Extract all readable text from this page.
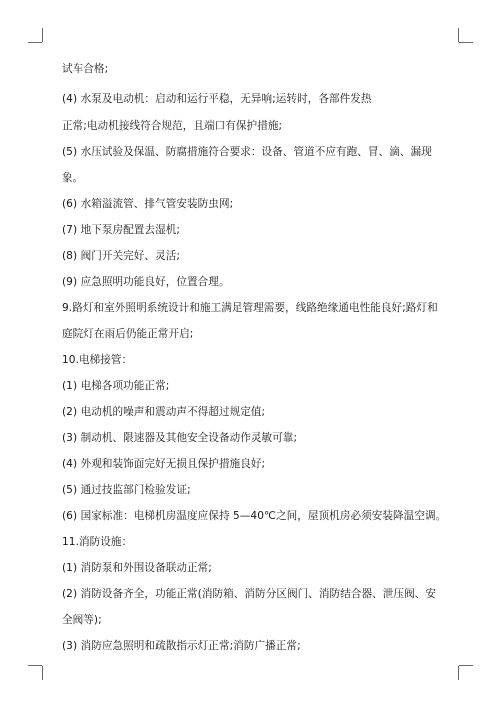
试车合格;
(4) 水泵及电动机：启动和运行平稳，无异响;运转时，各部件发热
正常;电动机接线符合规范，且端口有保护措施;
(5) 水压试验及保温、防腐措施符合要求：设备、管道不应有跑、冒、滴、漏现
象。
(6) 水箱溢流管、排气管安装防虫网;
(7) 地下泵房配置去湿机;
(8) 阀门开关完好、灵活;
(9) 应急照明功能良好，位置合理。
9.路灯和室外照明系统设计和施工满足管理需要，线路绝缘通电性能良好;路灯和
庭院灯在雨后仍能正常开启;
10.电梯接管：
(1) 电梯各项功能正常;
(2) 电动机的噪声和震动声不得超过规定值;
(3) 制动机、限速器及其他安全设备动作灵敏可靠;
(4) 外观和装饰面完好无损且保护措施良好;
(5) 通过技监部门检验发证;
(6) 国家标准：电梯机房温度应保持 5—40℃之间，屋顶机房必须安装降温空调。
11.消防设施：
(1) 消防泵和外围设备联动正常;
(2) 消防设备齐全，功能正常(消防箱、消防分区阀门、消防结合器、泄压阀、安
全阀等);
(3) 消防应急照明和疏散指示灯正常;消防广播正常;
